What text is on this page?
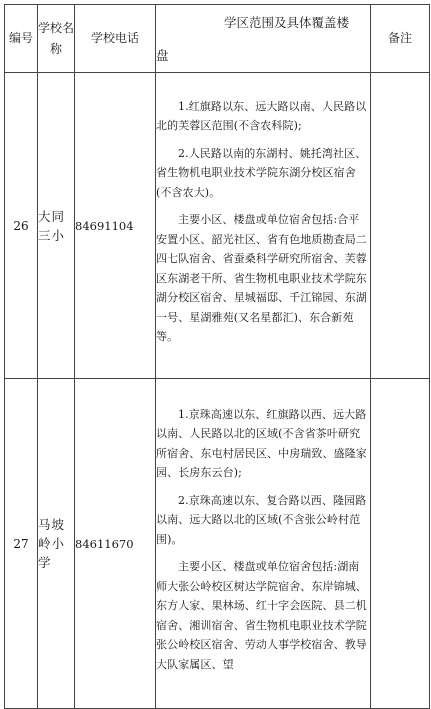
编号	学校名称	学校电话	学区范围及具体覆盖楼
盘	备注
26	大同三小	84691104	1.红旗路以东、远大路以南、人民路以北的芙蓉区范围(不含农科院);

2.人民路以南的东湖村、姚托湾社区、省生物机电职业技术学院东湖分校区宿舍(不含农大)。

主要小区、楼盘或单位宿舍包括:合平安置小区、韶光社区、省有色地质勘查局二四七队宿舍、省蚕桑科学研究所宿舍、芙蓉区东湖老干所、省生物机电职业技术学院东湖分校区宿舍、星城福邸、千江锦园、东湖一号、星湖雅苑(又名星都汇)、东合新苑等。	

27	马坡岭小学	84611670	1.京珠高速以东、红旗路以西、远大路以南、人民路以北的区域(不含省茶叶研究所宿舍、东屯村居民区、中房瑞致、盛隆家园、长房东云台);

2.京珠高速以东、复合路以西、隆园路以南、远大路以北的区域(不含张公岭村范围)。

主要小区、楼盘或单位宿舍包括:湖南师大张公岭校区树达学院宿舍、东岸锦城、东方人家、果林场、红十字会医院、县二机宿舍、湘训宿舍、省生物机电职业技术学院张公岭校区宿舍、劳动人事学校宿舍、教导大队家属区、望	
